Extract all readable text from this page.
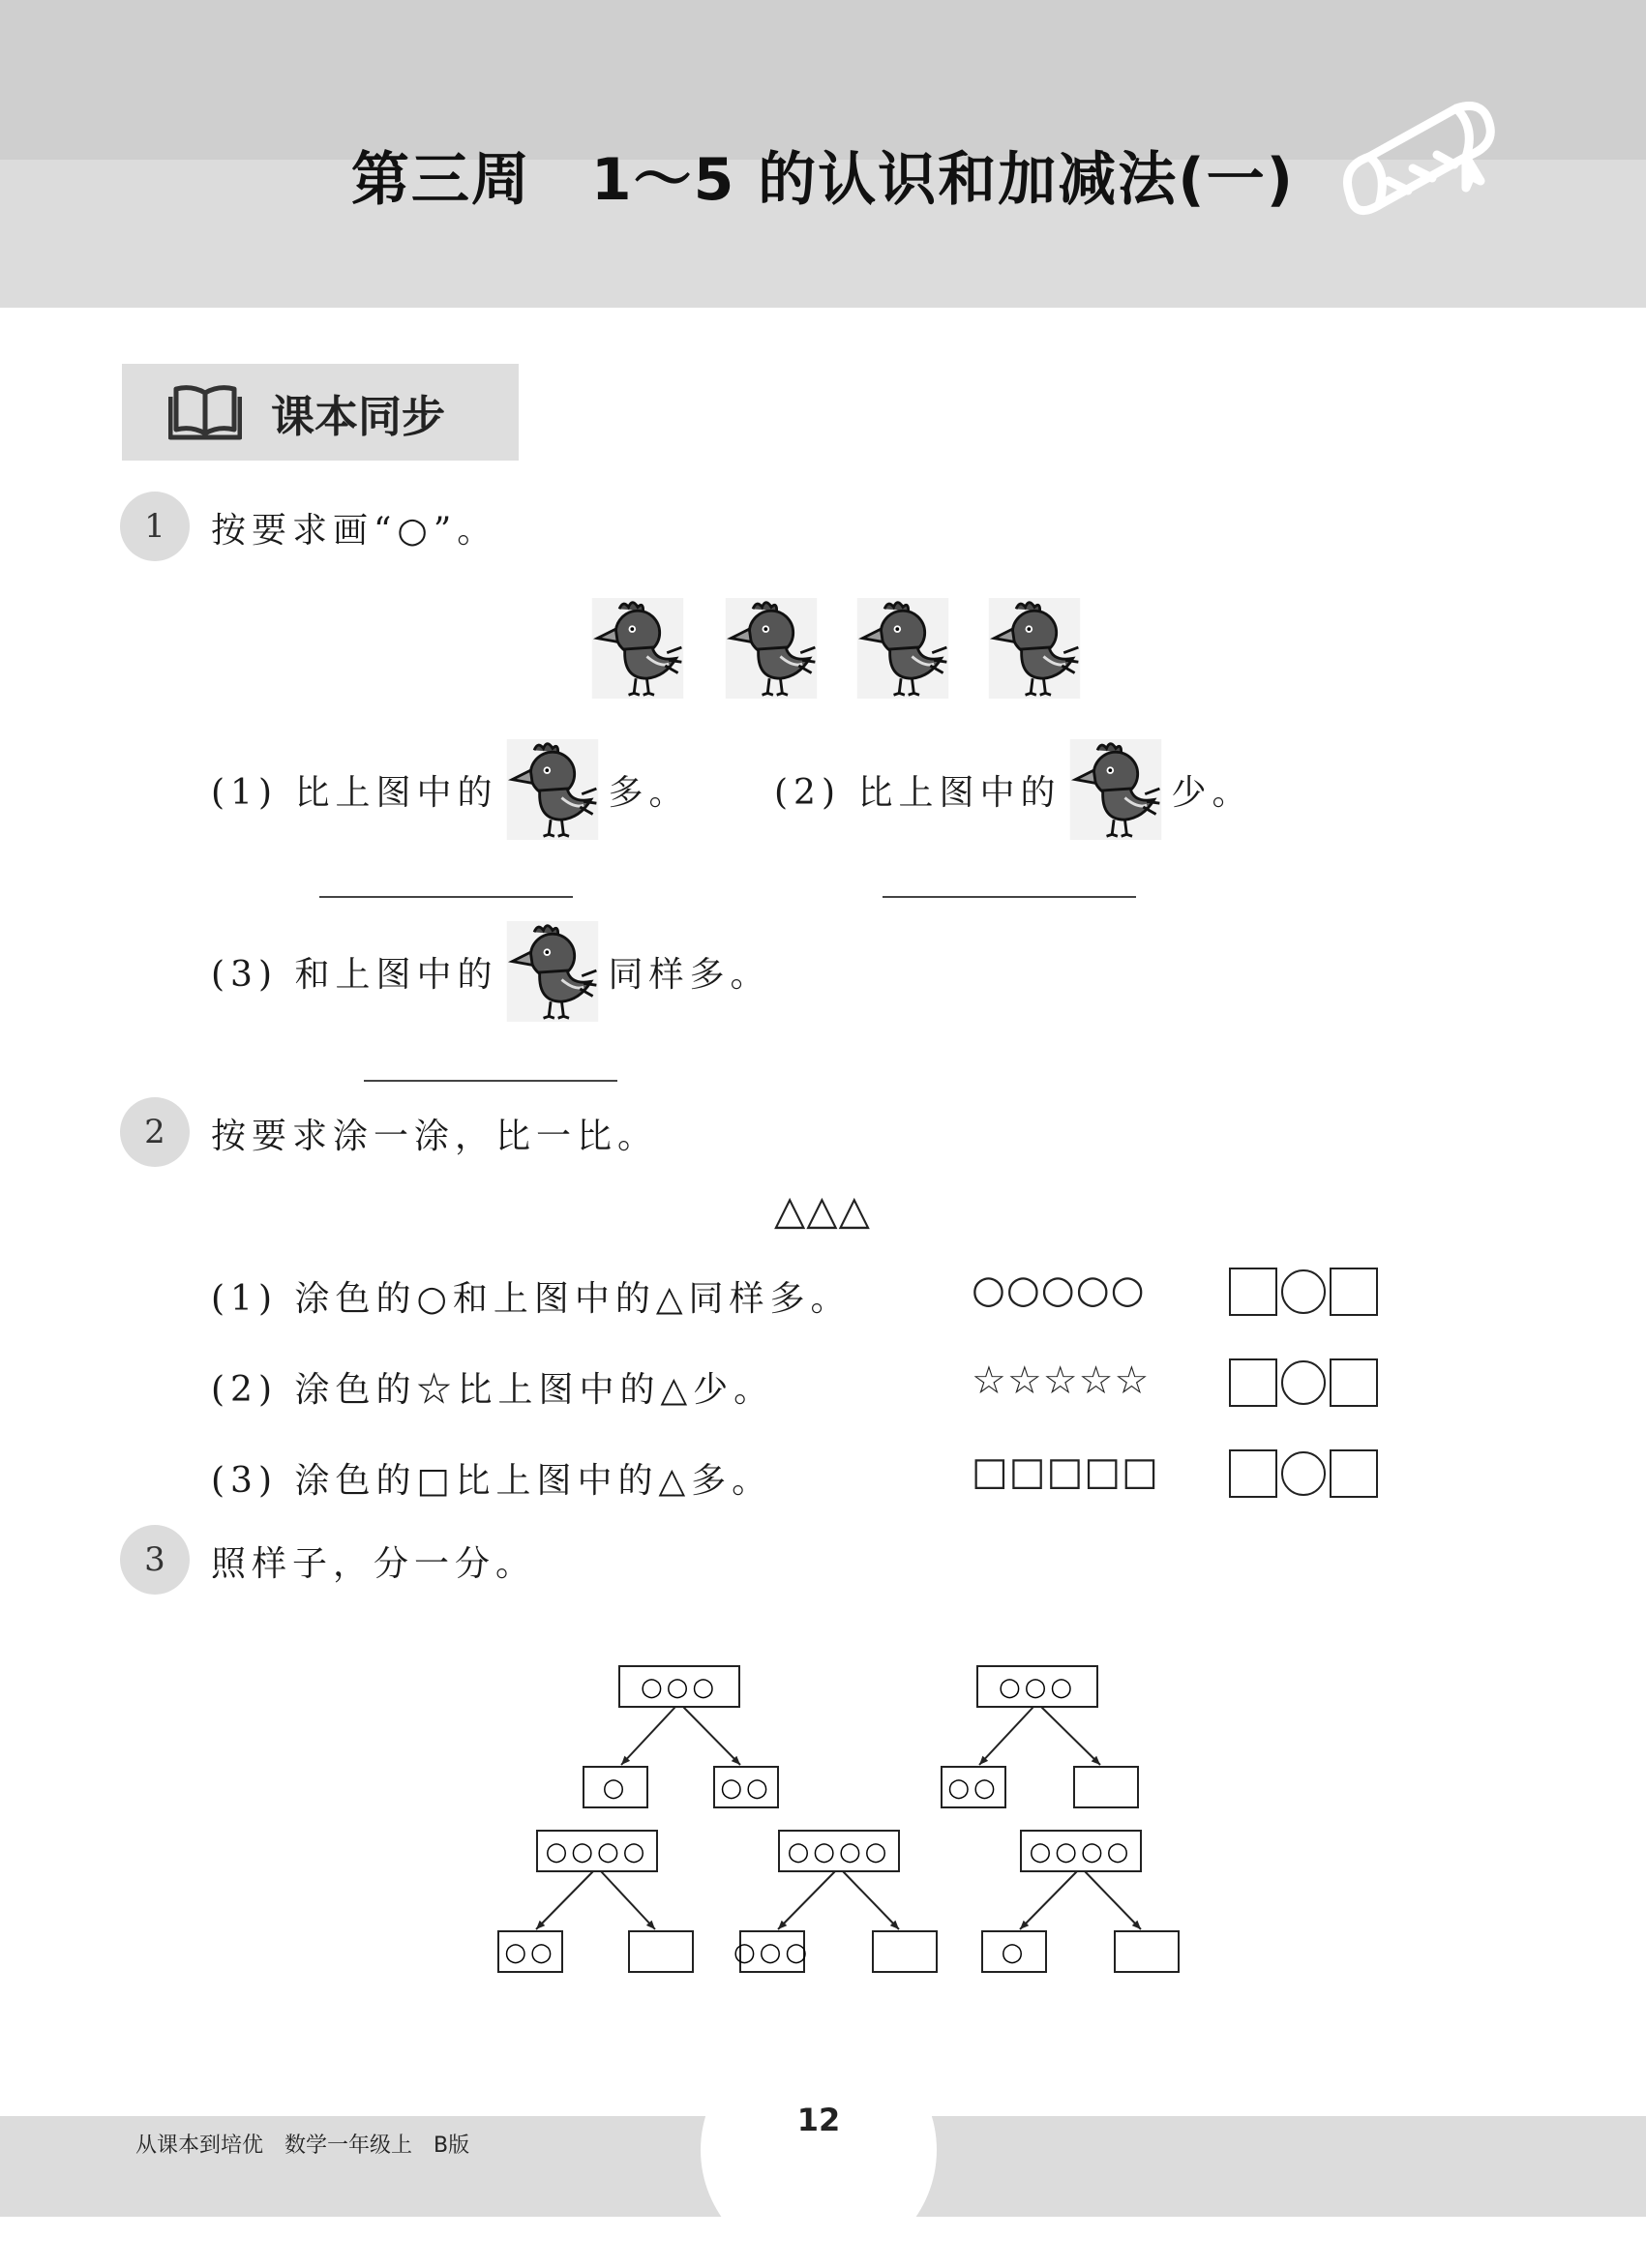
第三周　1～5 的认识和加减法(一)
课本同步
1	按要求画“○”。
(1) 比上图中的	多。 (2) 比上图中的	少。
(3) 和上图中的	同样多。
2	按要求涂一涂，比一比。
△△△
(1) 涂色的○和上图中的△同样多。	○○○○○
(2) 涂色的☆比上图中的△少。	☆☆☆☆☆
(3) 涂色的□比上图中的△多。	□□□□□
3	照样子，分一分。
○○○
○	○○
○○○
○○
○○○○
○○
○○○○
○○○
○○○○
○
从课本到培优　数学一年级上　B版
12
